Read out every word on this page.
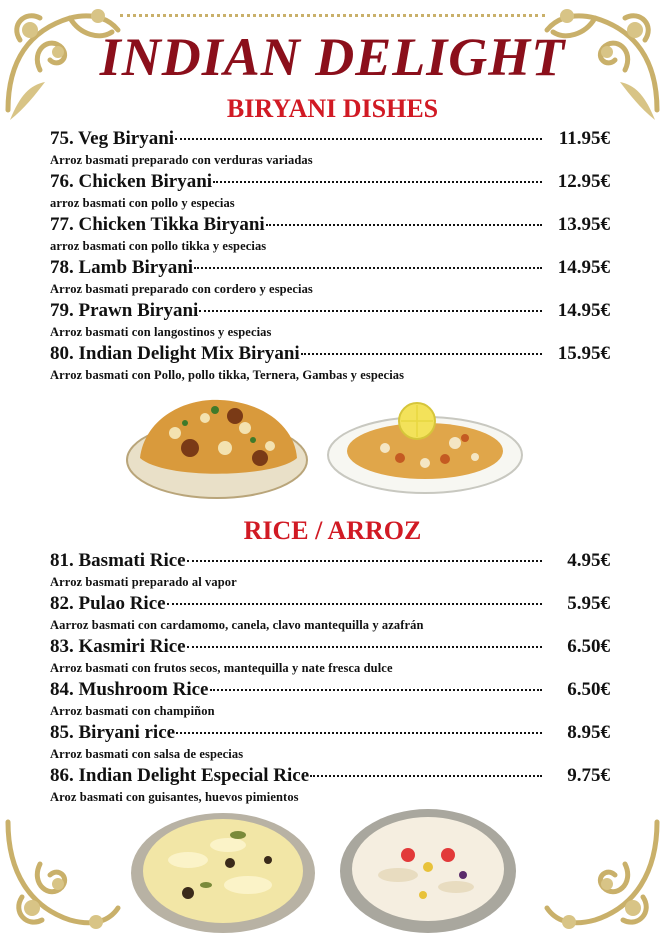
INDIAN DELIGHT
BIRYANI DISHES
75. Veg Biryani	11.95€
Arroz basmati preparado con verduras variadas
76. Chicken Biryani	12.95€
arroz basmati con pollo y especias
77. Chicken Tikka Biryani	13.95€
arroz basmati con pollo tikka y especias
78. Lamb Biryani	14.95€
Arroz basmati preparado con cordero y especias
79. Prawn Biryani	14.95€
Arroz basmati con langostinos y especias
80. Indian Delight Mix Biryani	15.95€
Arroz basmati con Pollo, pollo tikka, Ternera, Gambas y especias
RICE / ARROZ
81. Basmati Rice	4.95€
Arroz basmati preparado al vapor
82. Pulao Rice	5.95€
Aarroz basmati con cardamomo, canela, clavo mantequilla y azafrán
83. Kasmiri Rice	6.50€
Arroz basmati con frutos secos, mantequilla y nate fresca dulce
84. Mushroom Rice	6.50€
Arroz basmati con champiñon
85. Biryani rice	8.95€
Arroz basmati con salsa de especias
86. Indian Delight Especial Rice	9.75€
Aroz basmati con guisantes, huevos pimientos
